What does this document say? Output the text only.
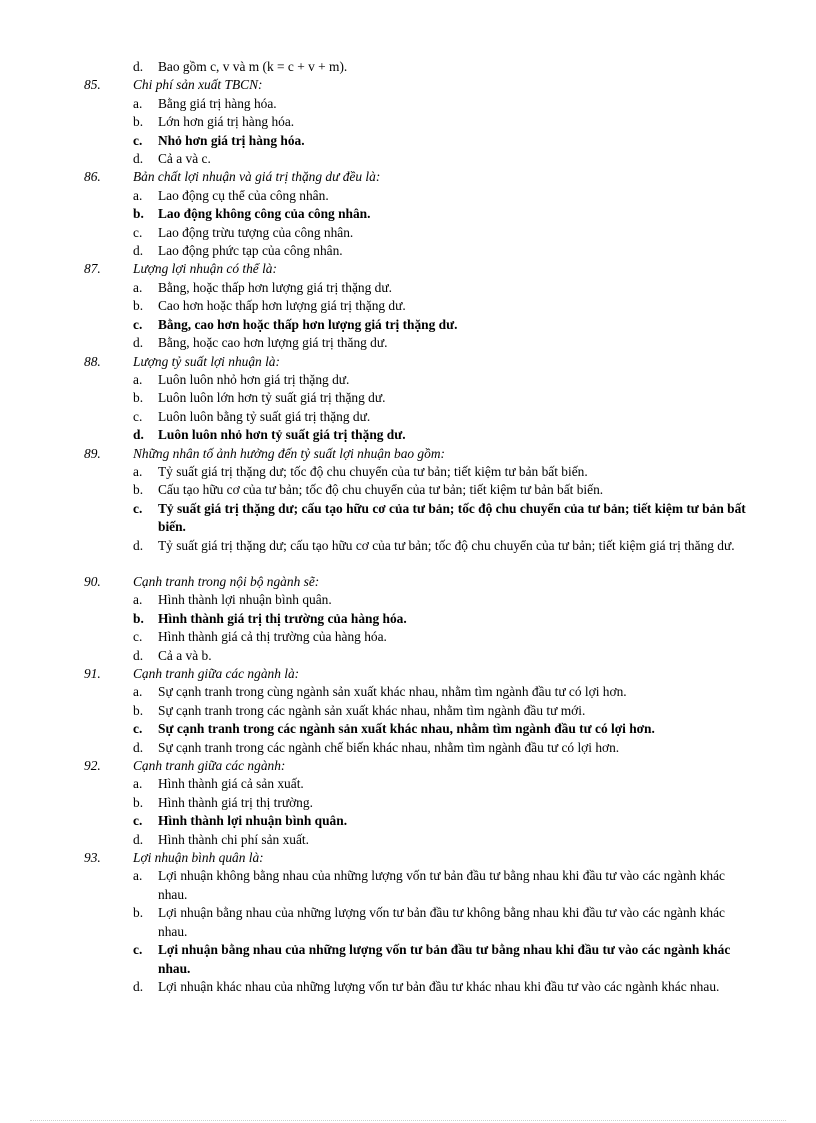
d.	Bao gồm c, v và m (k = c + v + m).
85.	Chi phí sản xuất TBCN:
a.	Bằng giá trị hàng hóa.
b.	Lớn hơn giá trị hàng hóa.
c.	Nhỏ hơn giá trị hàng hóa.
d.	Cả a và c.
86.	Bản chất lợi nhuận và giá trị thặng dư đều là:
a.	Lao động cụ thể của công nhân.
b.	Lao động không công của công nhân.
c.	Lao động trừu tượng của công nhân.
d.	Lao động phức tạp của công nhân.
87.	Lượng lợi nhuận có thể là:
a.	Bằng, hoặc thấp hơn lượng giá trị thặng dư.
b.	Cao hơn hoặc thấp hơn lượng giá trị thặng dư.
c.	Bằng, cao hơn hoặc thấp hơn lượng giá trị thặng dư.
d.	Bằng, hoặc cao hơn lượng giá trị thăng dư.
88.	Lượng tỷ suất lợi nhuận là:
a.	Luôn luôn nhỏ hơn giá trị thặng dư.
b.	Luôn luôn lớn hơn tỷ suất giá trị thặng dư.
c.	Luôn luôn bằng tỷ suất giá trị thặng dư.
d.	Luôn luôn nhỏ hơn tỷ suất giá trị thặng dư.
89.	Những nhân tố ảnh hưởng đến tỷ suất lợi nhuận bao gồm:
a.	Tỷ suất giá trị thặng dư; tốc độ chu chuyển của tư bản; tiết kiệm tư bản bất biến.
b.	Cấu tạo hữu cơ của tư bản; tốc độ chu chuyển của tư bản; tiết kiệm tư bản bất biến.
c.	Tỷ suất giá trị thặng dư; cấu tạo hữu cơ của tư bản; tốc độ chu chuyển của tư bản; tiết kiệm tư bản bất biến.
d.	Tỷ suất giá trị thặng dư; cấu tạo hữu cơ của tư bản; tốc độ chu chuyển của tư bản; tiết kiệm giá trị thăng dư.
90.	Cạnh tranh trong nội bộ ngành sẽ:
a.	Hình thành lợi nhuận bình quân.
b.	Hình thành giá trị thị trường của hàng hóa.
c.	Hình thành giá cả thị trường của hàng hóa.
d.	Cả a và b.
91.	Cạnh tranh giữa các ngành là:
a.	Sự cạnh tranh trong cùng ngành sản xuất khác nhau, nhằm tìm ngành đầu tư có lợi hơn.
b.	Sự cạnh tranh trong các ngành sản xuất khác nhau, nhằm tìm ngành đầu tư mới.
c.	Sự cạnh tranh trong các ngành sản xuất khác nhau, nhằm tìm ngành đầu tư có lợi hơn.
d.	Sự cạnh tranh trong các ngành chế biến khác nhau, nhằm tìm ngành đầu tư có lợi hơn.
92.	Cạnh tranh giữa các ngành:
a.	Hình thành giá cả sản xuất.
b.	Hình thành giá trị thị trường.
c.	Hình thành lợi nhuận bình quân.
d.	Hình thành chi phí sản xuất.
93.	Lợi nhuận bình quân là:
a.	Lợi nhuận không bằng nhau của những lượng vốn tư bản đầu tư bằng nhau khi đầu tư vào các ngành khác nhau.
b.	Lợi nhuận bằng nhau của những lượng vốn tư bản đầu tư không bằng nhau khi đầu tư vào các ngành khác nhau.
c.	Lợi nhuận bằng nhau của những lượng vốn tư bản đầu tư bằng nhau khi đầu tư vào các ngành khác nhau.
d.	Lợi nhuận khác nhau của những lượng vốn tư bản đầu tư khác nhau khi đầu tư vào các ngành khác nhau.
